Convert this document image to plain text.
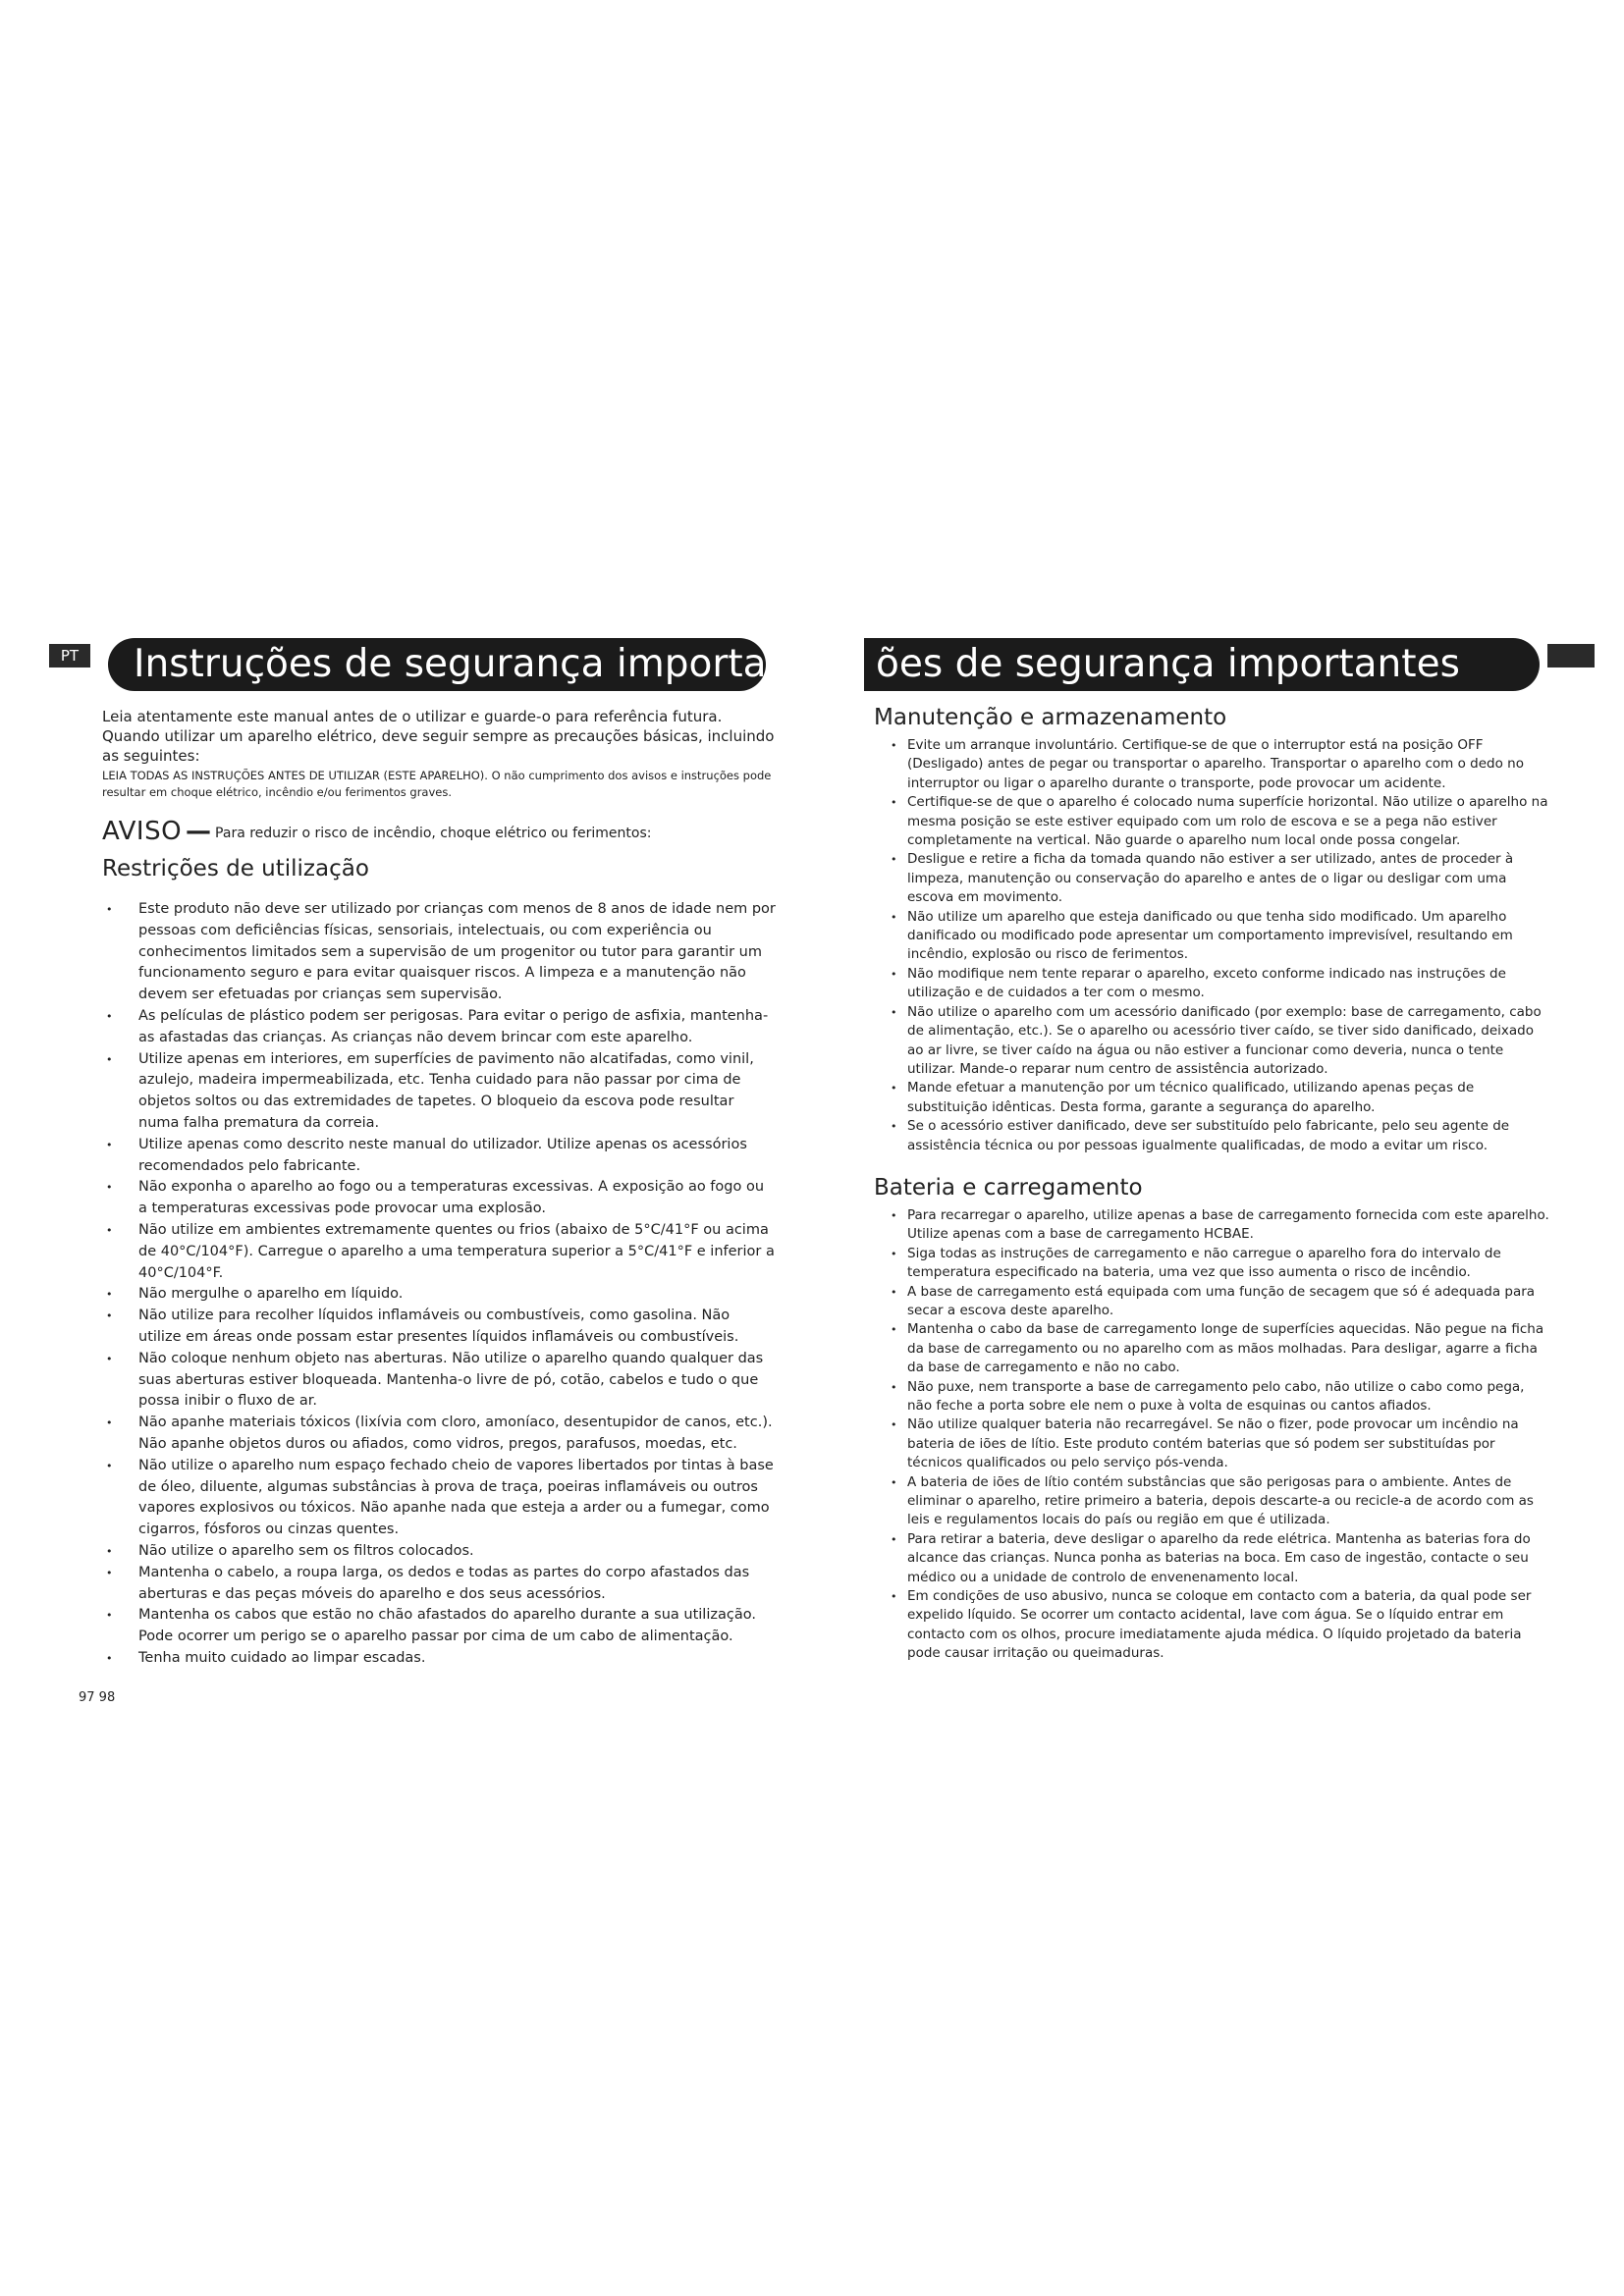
PT	Instruções de segurança importantes ões de segurança importantes

Leia atentamente este manual antes de o utilizar e guarde-o para referência futura.

Quando utilizar um aparelho elétrico, deve seguir sempre as precauções básicas, incluindo as seguintes:

LEIA TODAS AS INSTRUÇÕES ANTES DE UTILIZAR (ESTE APARELHO). O não cumprimento dos avisos e instruções pode resultar em choque elétrico, incêndio e/ou ferimentos graves.

AVISO — Para reduzir o risco de incêndio, choque elétrico ou ferimentos:
Restrições de utilização
• Este produto não deve ser utilizado por crianças com menos de 8 anos de idade nem por pessoas com deficiências físicas, sensoriais, intelectuais, ou com experiência ou conhecimentos limitados sem a supervisão de um progenitor ou tutor para garantir um funcionamento seguro e para evitar quaisquer riscos. A limpeza e a manutenção não devem ser efetuadas por crianças sem supervisão.
• As películas de plástico podem ser perigosas. Para evitar o perigo de asfixia, mantenha-as afastadas das crianças. As crianças não devem brincar com este aparelho.
• Utilize apenas em interiores, em superfícies de pavimento não alcatifadas, como vinil, azulejo, madeira impermeabilizada, etc. Tenha cuidado para não passar por cima de objetos soltos ou das extremidades de tapetes. O bloqueio da escova pode resultar numa falha prematura da correia.
• Utilize apenas como descrito neste manual do utilizador. Utilize apenas os acessórios recomendados pelo fabricante.
• Não exponha o aparelho ao fogo ou a temperaturas excessivas. A exposição ao fogo ou a temperaturas excessivas pode provocar uma explosão.
• Não utilize em ambientes extremamente quentes ou frios (abaixo de 5°C/41°F ou acima de 40°C/104°F). Carregue o aparelho a uma temperatura superior a 5°C/41°F e inferior a 40°C/104°F.
• Não mergulhe o aparelho em líquido.
• Não utilize para recolher líquidos inflamáveis ou combustíveis, como gasolina. Não utilize em áreas onde possam estar presentes líquidos inflamáveis ou combustíveis.
• Não coloque nenhum objeto nas aberturas. Não utilize o aparelho quando qualquer das suas aberturas estiver bloqueada. Mantenha-o livre de pó, cotão, cabelos e tudo o que possa inibir o fluxo de ar.
• Não apanhe materiais tóxicos (lixívia com cloro, amoníaco, desentupidor de canos, etc.). Não apanhe objetos duros ou afiados, como vidros, pregos, parafusos, moedas, etc.
• Não utilize o aparelho num espaço fechado cheio de vapores libertados por tintas à base de óleo, diluente, algumas substâncias à prova de traça, poeiras inflamáveis ou outros vapores explosivos ou tóxicos. Não apanhe nada que esteja a arder ou a fumegar, como cigarros, fósforos ou cinzas quentes.
• Não utilize o aparelho sem os filtros colocados.
• Mantenha o cabelo, a roupa larga, os dedos e todas as partes do corpo afastados das aberturas e das peças móveis do aparelho e dos seus acessórios.
• Mantenha os cabos que estão no chão afastados do aparelho durante a sua utilização. Pode ocorrer um perigo se o aparelho passar por cima de um cabo de alimentação.
• Tenha muito cuidado ao limpar escadas.
Manutenção e armazenamento
• Evite um arranque involuntário. Certifique-se de que o interruptor está na posição OFF (Desligado) antes de pegar ou transportar o aparelho. Transportar o aparelho com o dedo no interruptor ou ligar o aparelho durante o transporte, pode provocar um acidente.
• Certifique-se de que o aparelho é colocado numa superfície horizontal. Não utilize o aparelho na mesma posição se este estiver equipado com um rolo de escova e se a pega não estiver completamente na vertical. Não guarde o aparelho num local onde possa congelar.
• Desligue e retire a ficha da tomada quando não estiver a ser utilizado, antes de proceder à limpeza, manutenção ou conservação do aparelho e antes de o ligar ou desligar com uma escova em movimento.
• Não utilize um aparelho que esteja danificado ou que tenha sido modificado. Um aparelho danificado ou modificado pode apresentar um comportamento imprevisível, resultando em incêndio, explosão ou risco de ferimentos.
• Não modifique nem tente reparar o aparelho, exceto conforme indicado nas instruções de utilização e de cuidados a ter com o mesmo.
• Não utilize o aparelho com um acessório danificado (por exemplo: base de carregamento, cabo de alimentação, etc.). Se o aparelho ou acessório tiver caído, se tiver sido danificado, deixado ao ar livre, se tiver caído na água ou não estiver a funcionar como deveria, nunca o tente utilizar. Mande-o reparar num centro de assistência autorizado.
• Mande efetuar a manutenção por um técnico qualificado, utilizando apenas peças de substituição idênticas. Desta forma, garante a segurança do aparelho.
• Se o acessório estiver danificado, deve ser substituído pelo fabricante, pelo seu agente de assistência técnica ou por pessoas igualmente qualificadas, de modo a evitar um risco.
Bateria e carregamento
• Para recarregar o aparelho, utilize apenas a base de carregamento fornecida com este aparelho. Utilize apenas com a base de carregamento HCBAE.
• Siga todas as instruções de carregamento e não carregue o aparelho fora do intervalo de temperatura especificado na bateria, uma vez que isso aumenta o risco de incêndio.
• A base de carregamento está equipada com uma função de secagem que só é adequada para secar a escova deste aparelho.
• Mantenha o cabo da base de carregamento longe de superfícies aquecidas. Não pegue na ficha da base de carregamento ou no aparelho com as mãos molhadas. Para desligar, agarre a ficha da base de carregamento e não no cabo.
• Não puxe, nem transporte a base de carregamento pelo cabo, não utilize o cabo como pega, não feche a porta sobre ele nem o puxe à volta de esquinas ou cantos afiados.
• Não utilize qualquer bateria não recarregável. Se não o fizer, pode provocar um incêndio na bateria de iões de lítio. Este produto contém baterias que só podem ser substituídas por técnicos qualificados ou pelo serviço pós-venda.
• A bateria de iões de lítio contém substâncias que são perigosas para o ambiente. Antes de eliminar o aparelho, retire primeiro a bateria, depois descarte-a ou recicle-a de acordo com as leis e regulamentos locais do país ou região em que é utilizada.
• Para retirar a bateria, deve desligar o aparelho da rede elétrica. Mantenha as baterias fora do alcance das crianças. Nunca ponha as baterias na boca. Em caso de ingestão, contacte o seu médico ou a unidade de controlo de envenenamento local.
• Em condições de uso abusivo, nunca se coloque em contacto com a bateria, da qual pode ser expelido líquido. Se ocorrer um contacto acidental, lave com água. Se o líquido entrar em contacto com os olhos, procure imediatamente ajuda médica. O líquido projetado da bateria pode causar irritação ou queimaduras.
97 98
